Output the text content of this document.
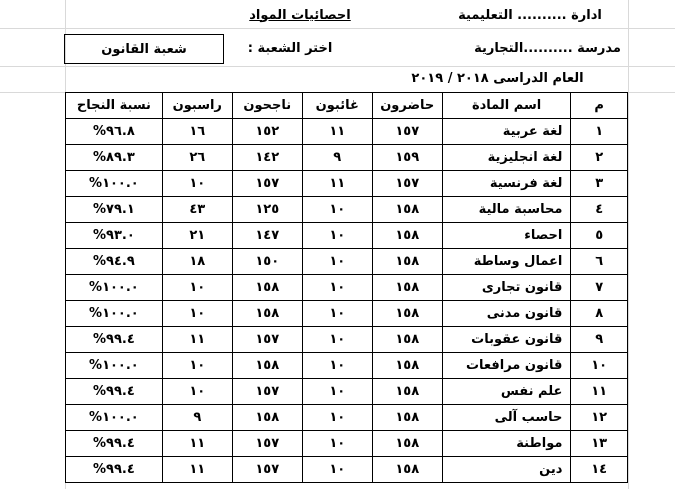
ادارة .......... التعليمية
احصائيات المواد
مدرسة ..........التجارية
اختر الشعبة :
شعبة القانون
العام الدراسى ٢٠١٨ / ٢٠١٩
م	اسم المادة	حاضرون	غائبون	ناجحون	راسبون	نسبة النجاح
١	لغة عربية	١٥٧	١١	١٥٢	١٦	%٩٦.٨
٢	لغة انجليزية	١٥٩	٩	١٤٢	٢٦	%٨٩.٣
٣	لغة فرنسية	١٥٧	١١	١٥٧	١٠	%١٠٠.٠
٤	محاسبة مالية	١٥٨	١٠	١٢٥	٤٣	%٧٩.١
٥	احصاء	١٥٨	١٠	١٤٧	٢١	%٩٣.٠
٦	اعمال وساطة	١٥٨	١٠	١٥٠	١٨	%٩٤.٩
٧	قانون تجارى	١٥٨	١٠	١٥٨	١٠	%١٠٠.٠
٨	قانون مدنى	١٥٨	١٠	١٥٨	١٠	%١٠٠.٠
٩	قانون عقوبات	١٥٨	١٠	١٥٧	١١	%٩٩.٤
١٠	قانون مرافعات	١٥٨	١٠	١٥٨	١٠	%١٠٠.٠
١١	علم نفس	١٥٨	١٠	١٥٧	١٠	%٩٩.٤
١٢	حاسب آلى	١٥٨	١٠	١٥٨	٩	%١٠٠.٠
١٣	مواطنة	١٥٨	١٠	١٥٧	١١	%٩٩.٤
١٤	دين	١٥٨	١٠	١٥٧	١١	%٩٩.٤
